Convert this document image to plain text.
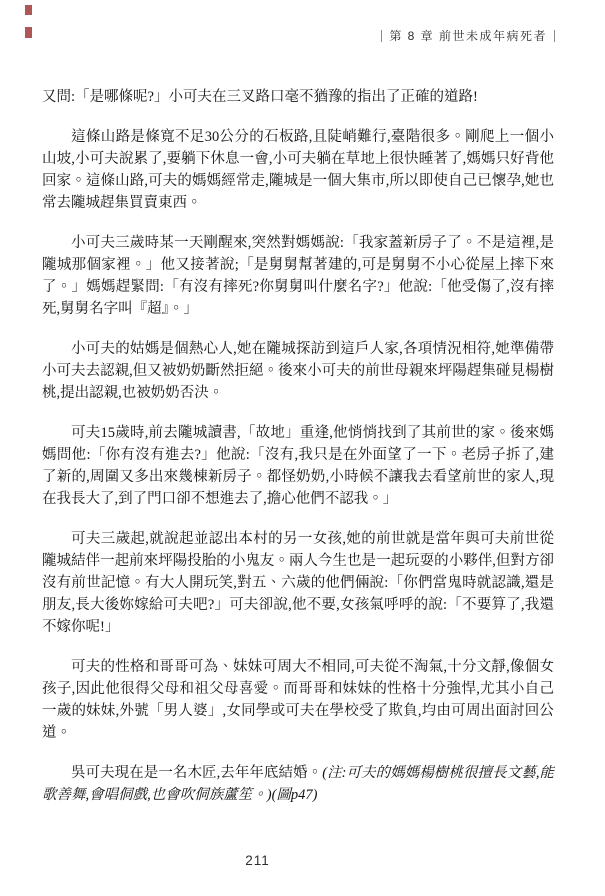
第 8 章 前世未成年病死者

又問:「是哪條呢?」小可夫在三叉路口毫不猶豫的指出了正確的道路!

這條山路是條寬不足30公分的石板路,且陡峭難行,臺階很多。剛爬上一個小山坡,小可夫說累了,要躺下休息一會,小可夫躺在草地上很快睡著了,媽媽只好背他回家。這條山路,可夫的媽媽經常走,隴城是一個大集市,所以即使自己已懷孕,她也常去隴城趕集買賣東西。

小可夫三歲時某一天剛醒來,突然對媽媽說:「我家蓋新房子了。不是這裡,是隴城那個家裡。」他又接著說;「是舅舅幫著建的,可是舅舅不小心從屋上摔下來了。」媽媽趕緊問:「有沒有摔死?你舅舅叫什麼名字?」他說:「他受傷了,沒有摔死,舅舅名字叫『超』。」

小可夫的姑媽是個熱心人,她在隴城探訪到這戶人家,各項情況相符,她準備帶小可夫去認親,但又被奶奶斷然拒絕。後來小可夫的前世母親來坪陽趕集碰見楊樹桃,提出認親,也被奶奶否決。

可夫15歲時,前去隴城讀書,「故地」重逢,他悄悄找到了其前世的家。後來媽媽問他:「你有沒有進去?」他說:「沒有,我只是在外面望了一下。老房子拆了,建了新的,周圍又多出來幾棟新房子。都怪奶奶,小時候不讓我去看望前世的家人,現在我長大了,到了門口卻不想進去了,擔心他們不認我。」

可夫三歲起,就說起並認出本村的另一女孩,她的前世就是當年與可夫前世從隴城結伴一起前來坪陽投胎的小鬼友。兩人今生也是一起玩耍的小夥伴,但對方卻沒有前世記憶。有大人開玩笑,對五、六歲的他們倆說:「你們當鬼時就認識,還是朋友,長大後妳嫁給可夫吧?」可夫卻說,他不要,女孩氣呼呼的說:「不要算了,我還不嫁你呢!」

可夫的性格和哥哥可為、妹妹可周大不相同,可夫從不淘氣,十分文靜,像個女孩子,因此他很得父母和祖父母喜愛。而哥哥和妹妹的性格十分強悍,尤其小自己一歲的妹妹,外號「男人婆」,女同學或可夫在學校受了欺負,均由可周出面討回公道。

吳可夫現在是一名木匠,去年年底結婚。(注:可夫的媽媽楊樹桃很擅長文藝,能歌善舞,會唱侗戲,也會吹侗族蘆笙。)(圖p47)

211
